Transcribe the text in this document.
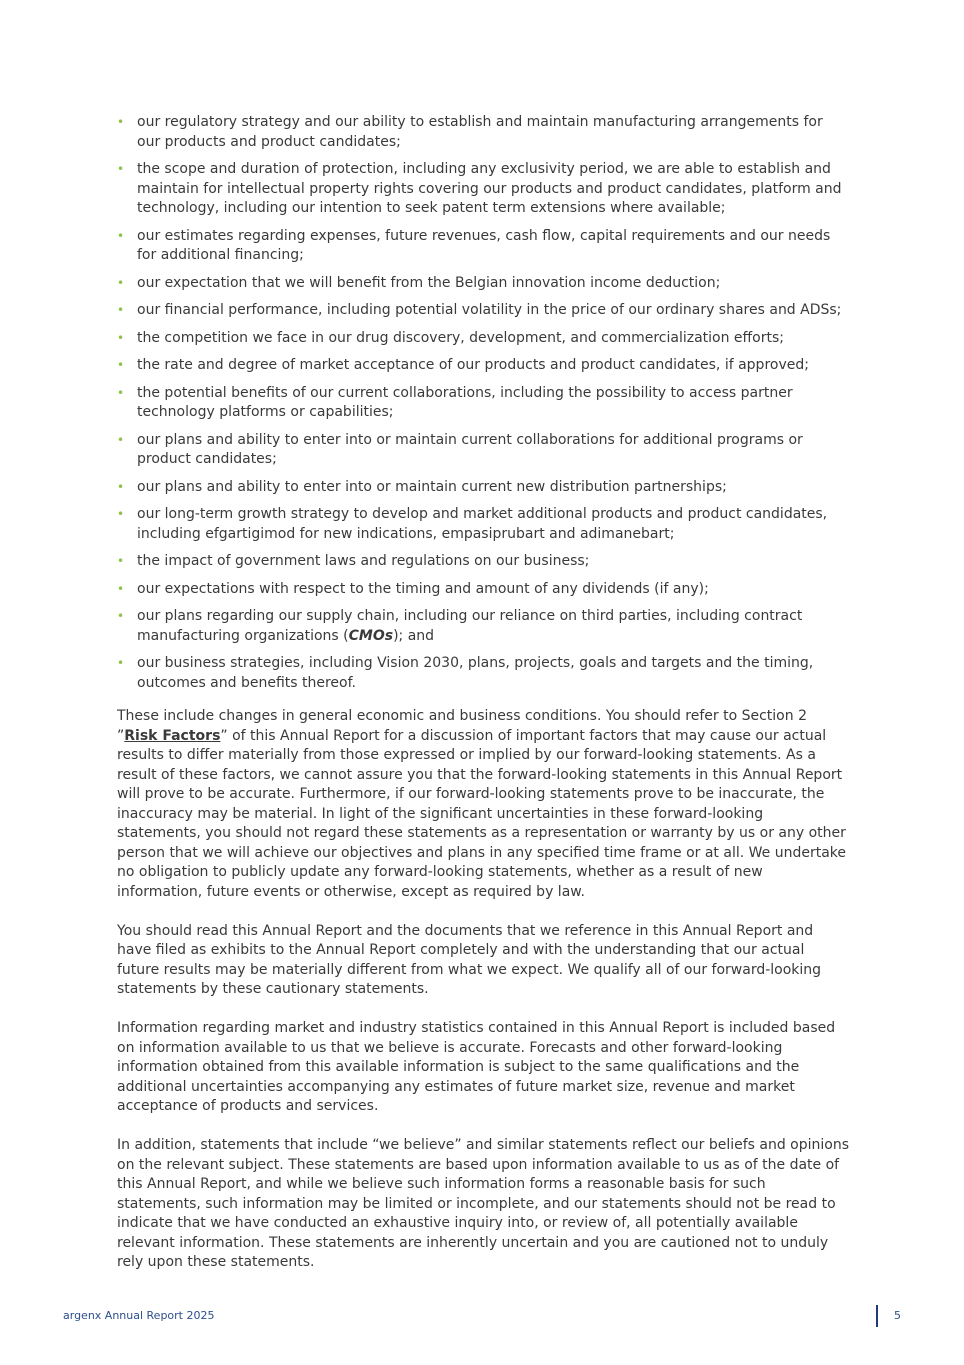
• our regulatory strategy and our ability to establish and maintain manufacturing arrangements for our products and product candidates;
• the scope and duration of protection, including any exclusivity period, we are able to establish and maintain for intellectual property rights covering our products and product candidates, platform and technology, including our intention to seek patent term extensions where available;
• our estimates regarding expenses, future revenues, cash flow, capital requirements and our needs for additional financing;
• our expectation that we will benefit from the Belgian innovation income deduction;
• our financial performance, including potential volatility in the price of our ordinary shares and ADSs;
• the competition we face in our drug discovery, development, and commercialization efforts;
• the rate and degree of market acceptance of our products and product candidates, if approved;
• the potential benefits of our current collaborations, including the possibility to access partner technology platforms or capabilities;
• our plans and ability to enter into or maintain current collaborations for additional programs or product candidates;
• our plans and ability to enter into or maintain current new distribution partnerships;
• our long-term growth strategy to develop and market additional products and product candidates, including efgartigimod for new indications, empasiprubart and adimanebart;
• the impact of government laws and regulations on our business;
• our expectations with respect to the timing and amount of any dividends (if any);
• our plans regarding our supply chain, including our reliance on third parties, including contract manufacturing organizations (CMOs); and
• our business strategies, including Vision 2030, plans, projects, goals and targets and the timing, outcomes and benefits thereof.

These include changes in general economic and business conditions. You should refer to Section 2 ”Risk Factors” of this Annual Report for a discussion of important factors that may cause our actual results to differ materially from those expressed or implied by our forward-looking statements. As a result of these factors, we cannot assure you that the forward-looking statements in this Annual Report will prove to be accurate. Furthermore, if our forward-looking statements prove to be inaccurate, the inaccuracy may be material. In light of the significant uncertainties in these forward-looking statements, you should not regard these statements as a representation or warranty by us or any other person that we will achieve our objectives and plans in any specified time frame or at all. We undertake no obligation to publicly update any forward-looking statements, whether as a result of new information, future events or otherwise, except as required by law.

You should read this Annual Report and the documents that we reference in this Annual Report and have filed as exhibits to the Annual Report completely and with the understanding that our actual future results may be materially different from what we expect. We qualify all of our forward-looking statements by these cautionary statements.

Information regarding market and industry statistics contained in this Annual Report is included based on information available to us that we believe is accurate. Forecasts and other forward-looking information obtained from this available information is subject to the same qualifications and the additional uncertainties accompanying any estimates of future market size, revenue and market acceptance of products and services.

In addition, statements that include “we believe” and similar statements reflect our beliefs and opinions on the relevant subject. These statements are based upon information available to us as of the date of this Annual Report, and while we believe such information forms a reasonable basis for such statements, such information may be limited or incomplete, and our statements should not be read to indicate that we have conducted an exhaustive inquiry into, or review of, all potentially available relevant information. These statements are inherently uncertain and you are cautioned not to unduly rely upon these statements.

argenx Annual Report 2025	5
